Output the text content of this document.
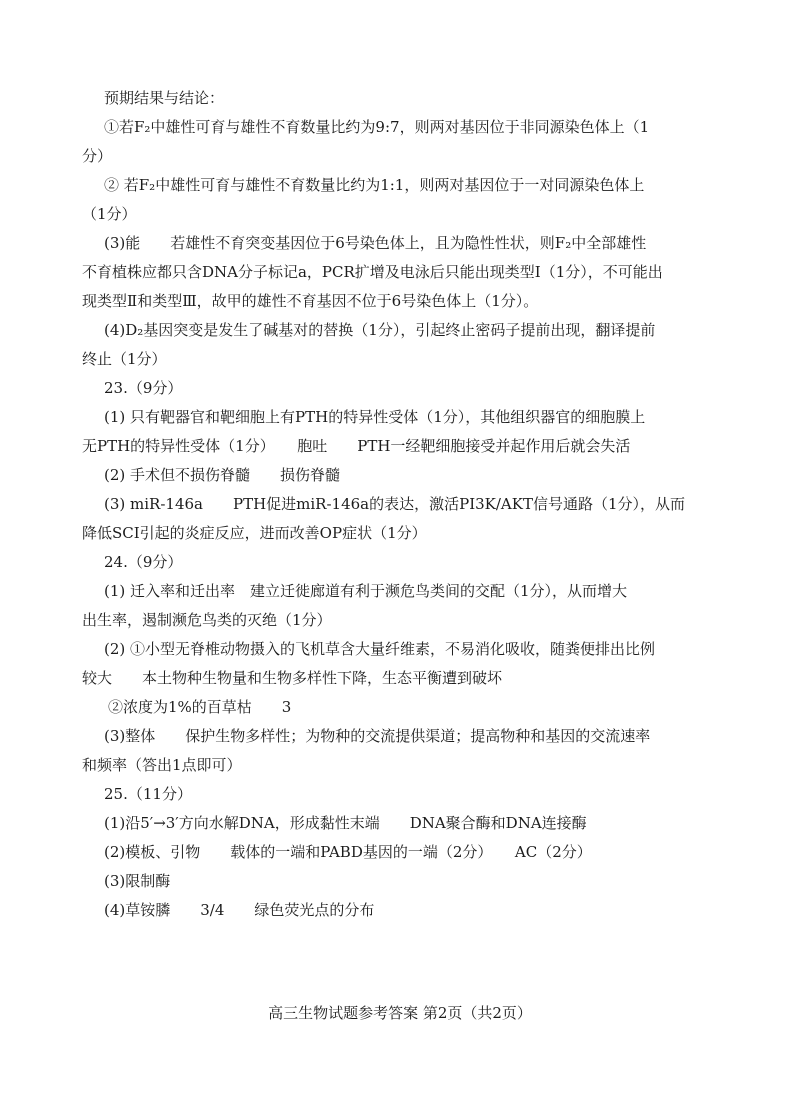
预期结果与结论：
①若F₂中雄性可育与雄性不育数量比约为9:7，则两对基因位于非同源染色体上（1
分）
② 若F₂中雄性可育与雄性不育数量比约为1:1，则两对基因位于一对同源染色体上
（1分）
(3)能　　若雄性不育突变基因位于6号染色体上，且为隐性性状，则F₂中全部雄性
不育植株应都只含DNA分子标记a，PCR扩增及电泳后只能出现类型Ⅰ（1分），不可能出
现类型Ⅱ和类型Ⅲ，故甲的雄性不育基因不位于6号染色体上（1分）。
(4)D₂基因突变是发生了碱基对的替换（1分），引起终止密码子提前出现，翻译提前
终止（1分）
23.（9分）
(1) 只有靶器官和靶细胞上有PTH的特异性受体（1分），其他组织器官的细胞膜上
无PTH的特异性受体（1分）　　胞吐　　PTH一经靶细胞接受并起作用后就会失活
(2) 手术但不损伤脊髓　　损伤脊髓
(3) miR-146a　　PTH促进miR-146a的表达，激活PI3K/AKT信号通路（1分），从而
降低SCI引起的炎症反应，进而改善OP症状（1分）
24.（9分）
(1) 迁入率和迁出率　建立迁徙廊道有利于濒危鸟类间的交配（1分），从而增大
出生率，遏制濒危鸟类的灭绝（1分）
(2) ①小型无脊椎动物摄入的飞机草含大量纤维素，不易消化吸收，随粪便排出比例
较大　　本土物种生物量和生物多样性下降，生态平衡遭到破坏
②浓度为1%的百草枯　　3
(3)整体　　保护生物多样性；为物种的交流提供渠道；提高物种和基因的交流速率
和频率（答出1点即可）
25.（11分）
(1)沿5′→3′方向水解DNA，形成黏性末端　　DNA聚合酶和DNA连接酶
(2)模板、引物　　载体的一端和PABD基因的一端（2分）　　AC（2分）
(3)限制酶
(4)草铵膦　　3/4　　绿色荧光点的分布
高三生物试题参考答案 第2页（共2页）
